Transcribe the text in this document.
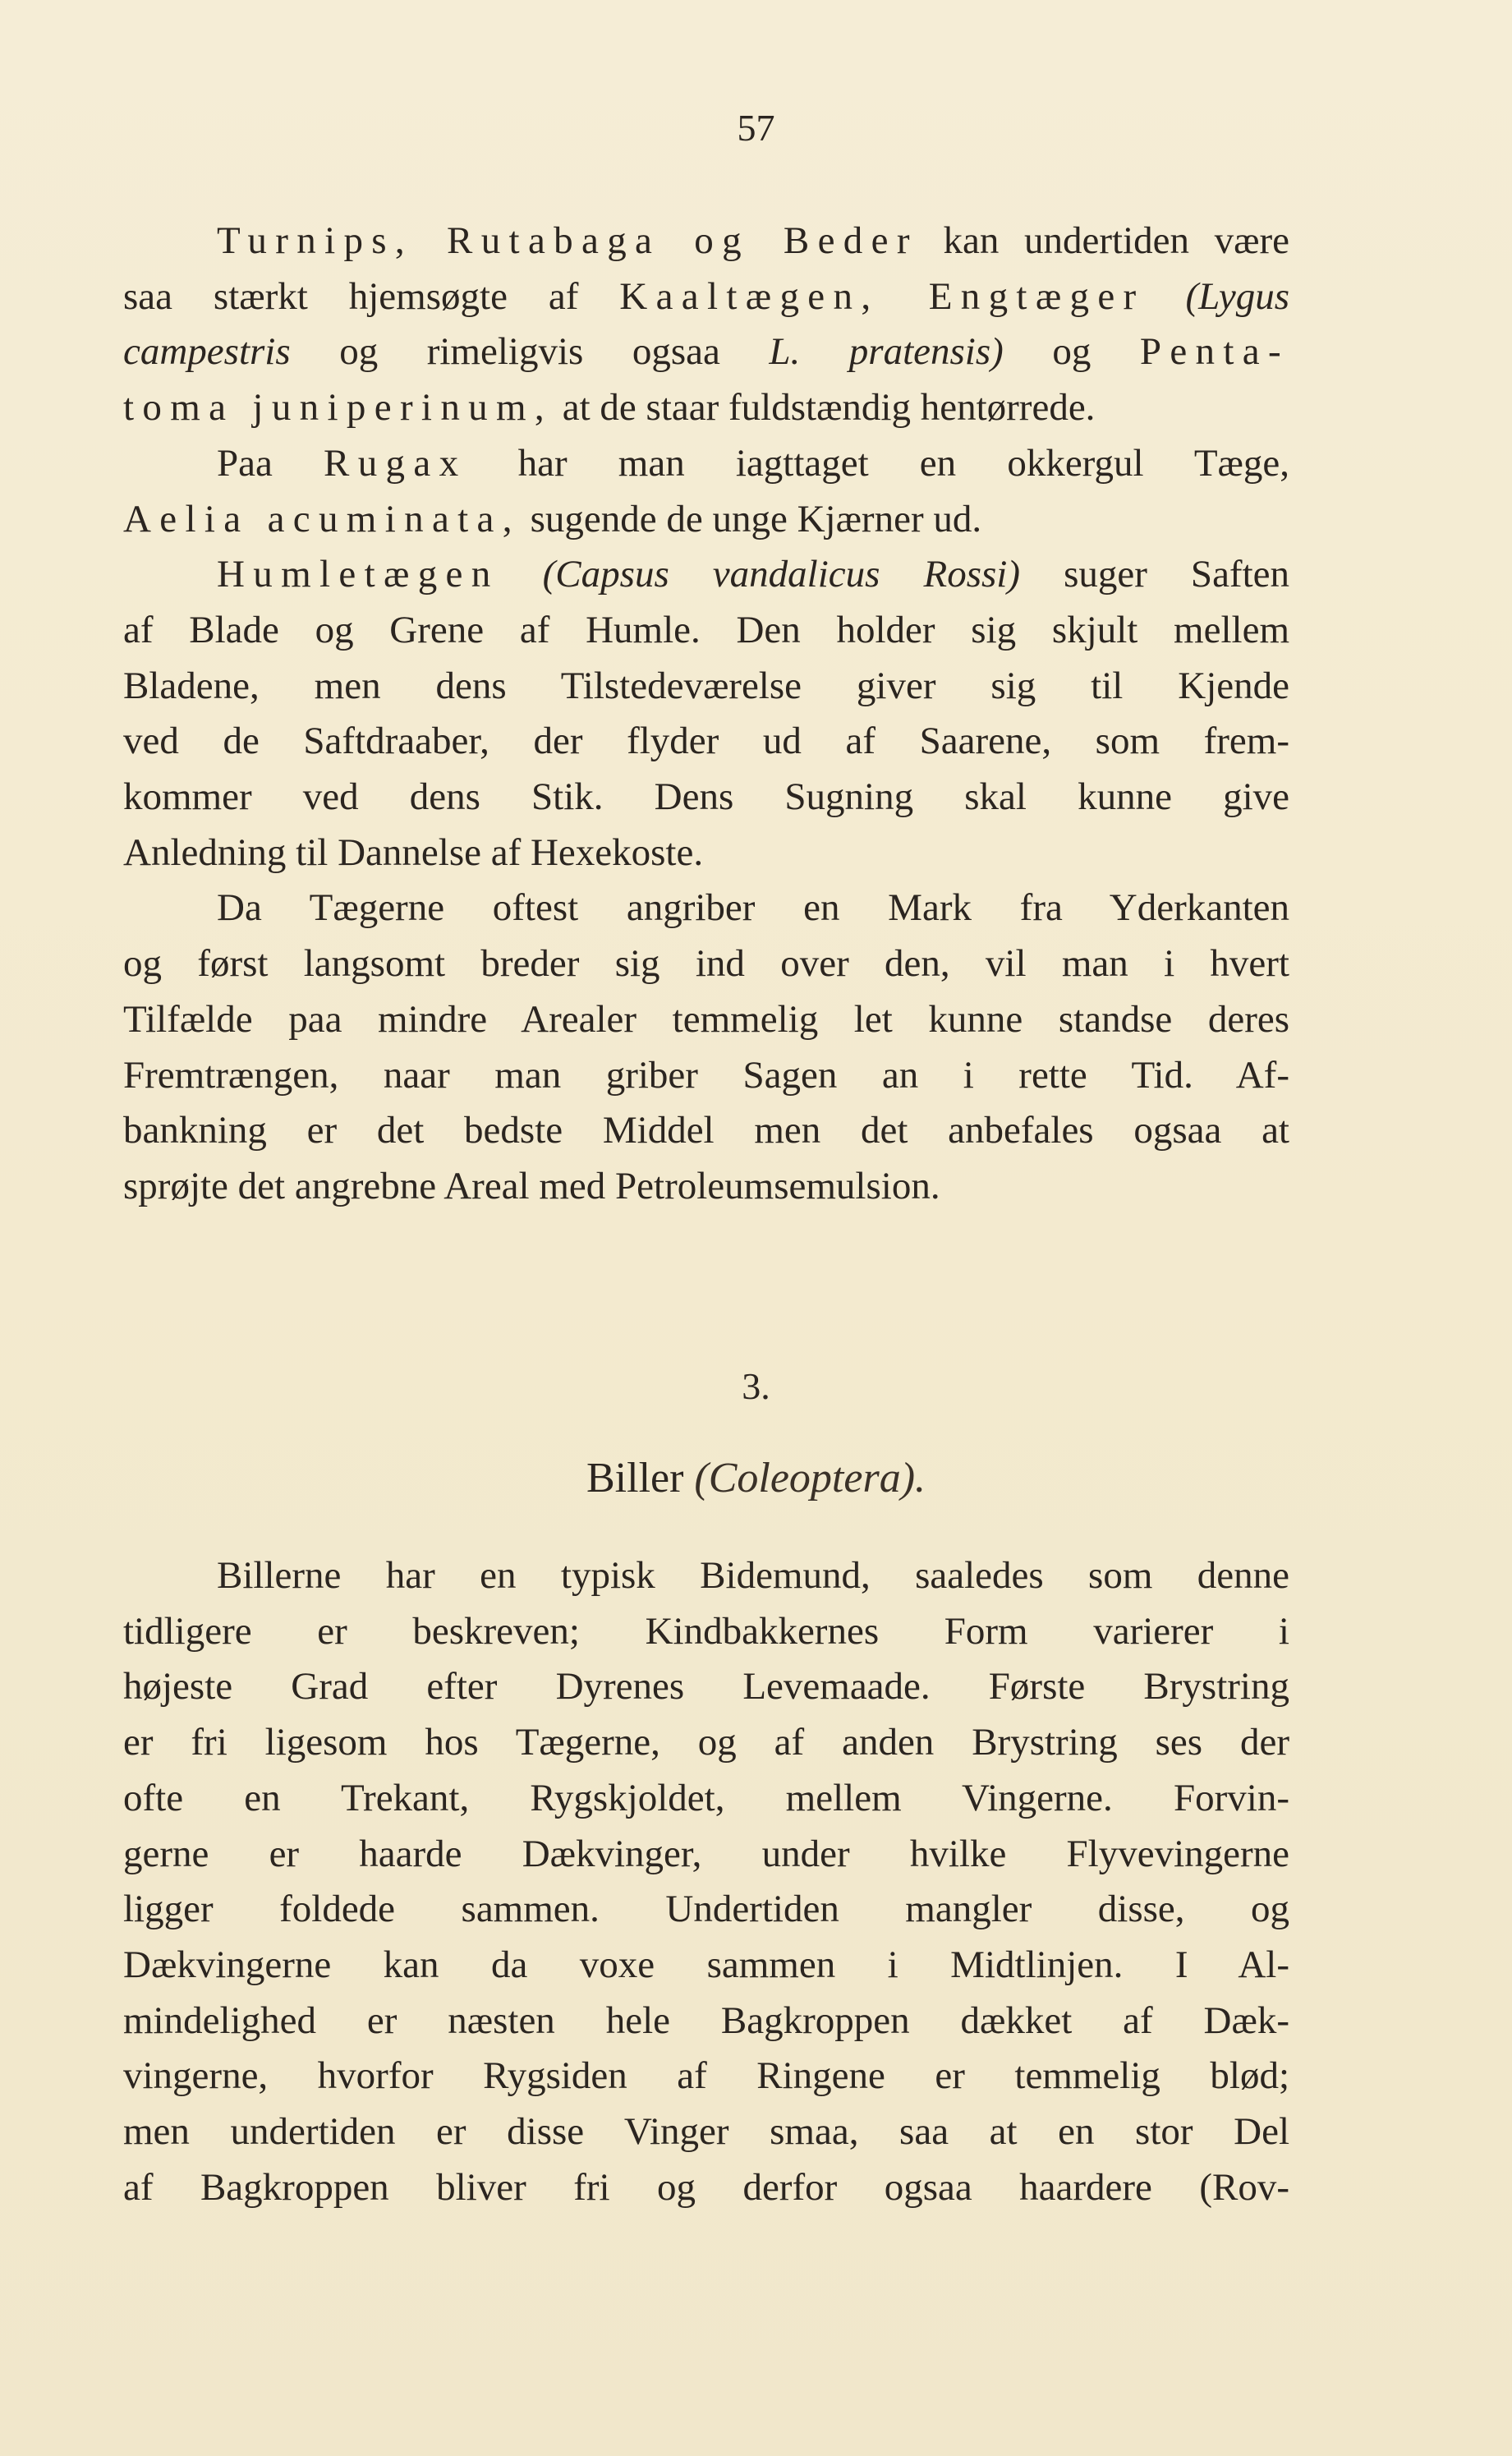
57
Turnips, Rutabaga og Beder kan undertiden være
saa stærkt hjemsøgte af Kaaltægen, Engtæger (Lygus
campestris og rimeligvis ogsaa L. pratensis) og Penta-
toma juniperinum, at de staar fuldstændig hentørrede.
Paa Rugax har man iagttaget en okkergul Tæge,
Aelia acuminata, sugende de unge Kjærner ud.
Humletægen (Capsus vandalicus Rossi) suger Saften
af Blade og Grene af Humle. Den holder sig skjult mellem
Bladene, men dens Tilstedeværelse giver sig til Kjende
ved de Saftdraaber, der flyder ud af Saarene, som frem-
kommer ved dens Stik. Dens Sugning skal kunne give
Anledning til Dannelse af Hexekoste.
Da Tægerne oftest angriber en Mark fra Yderkanten
og først langsomt breder sig ind over den, vil man i hvert
Tilfælde paa mindre Arealer temmelig let kunne standse deres
Fremtrængen, naar man griber Sagen an i rette Tid. Af-
bankning er det bedste Middel men det anbefales ogsaa at
sprøjte det angrebne Areal med Petroleumsemulsion.
3.
Biller (Coleoptera).
Billerne har en typisk Bidemund, saaledes som denne
tidligere er beskreven; Kindbakkernes Form varierer i
højeste Grad efter Dyrenes Levemaade. Første Brystring
er fri ligesom hos Tægerne, og af anden Brystring ses der
ofte en Trekant, Rygskjoldet, mellem Vingerne. Forvin-
gerne er haarde Dækvinger, under hvilke Flyvevingerne
ligger foldede sammen. Undertiden mangler disse, og
Dækvingerne kan da voxe sammen i Midtlinjen. I Al-
mindelighed er næsten hele Bagkroppen dækket af Dæk-
vingerne, hvorfor Rygsiden af Ringene er temmelig blød;
men undertiden er disse Vinger smaa, saa at en stor Del
af Bagkroppen bliver fri og derfor ogsaa haardere (Rov-
